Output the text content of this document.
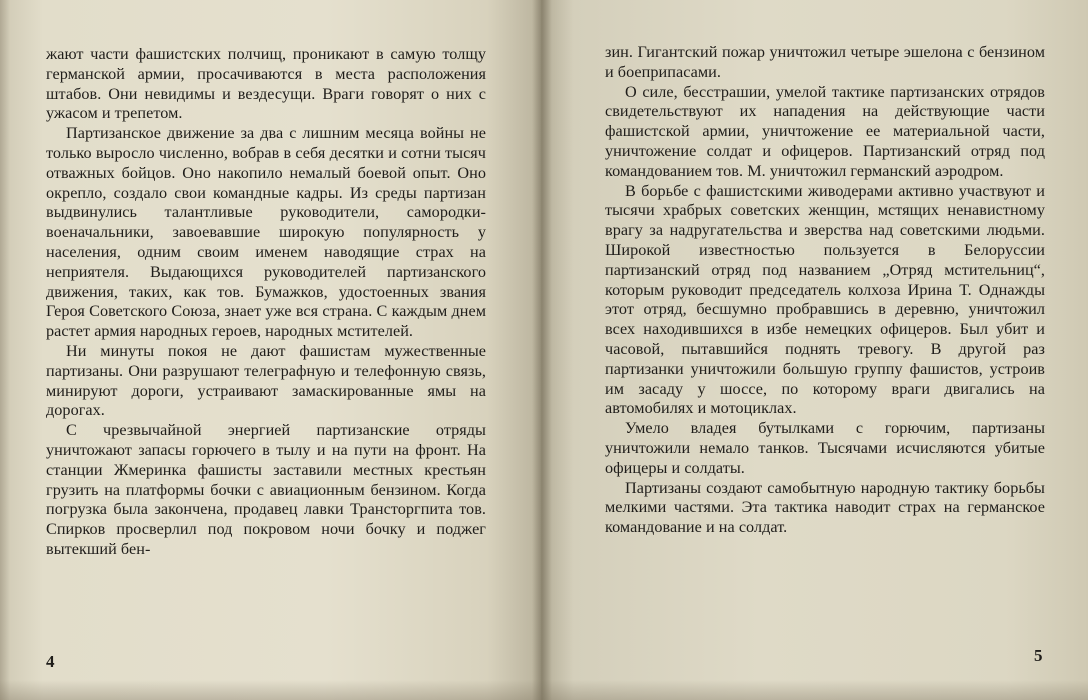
жают части фашистских полчищ, проникают в самую толщу германской армии, просачиваются в места расположения штабов. Они невидимы и вездесущи. Враги говорят о них с ужасом и трепетом.

Партизанское движение за два с лишним месяца войны не только выросло численно, вобрав в себя десятки и сотни тысяч отважных бойцов. Оно накопило немалый боевой опыт. Оно окрепло, создало свои командные кадры. Из среды партизан выдвинулись талантливые руководители, самородки-военачальники, завоевавшие широкую популярность у населения, одним своим именем наводящие страх на неприятеля. Выдающихся руководителей партизанского движения, таких, как тов. Бумажков, удостоенных звания Героя Советского Союза, знает уже вся страна. С каждым днем растет армия народных героев, народных мстителей.

Ни минуты покоя не дают фашистам мужественные партизаны. Они разрушают телеграфную и телефонную связь, минируют дороги, устраивают замаскированные ямы на дорогах.

С чрезвычайной энергией партизанские отряды уничтожают запасы горючего в тылу и на пути на фронт. На станции Жмеринка фашисты заставили местных крестьян грузить на платформы бочки с авиационным бензином. Когда погрузка была закончена, продавец лавки Трансторгпита тов. Спирков просверлил под покровом ночи бочку и поджег вытекший бен-

зин. Гигантский пожар уничтожил четыре эшелона с бензином и боеприпасами.

О силе, бесстрашии, умелой тактике партизанских отрядов свидетельствуют их нападения на действующие части фашистской армии, уничтожение ее материальной части, уничтожение солдат и офицеров. Партизанский отряд под командованием тов. М. уничтожил германский аэродром.

В борьбе с фашистскими живодерами активно участвуют и тысячи храбрых советских женщин, мстящих ненавистному врагу за надругательства и зверства над советскими людьми. Широкой известностью пользуется в Белоруссии партизанский отряд под названием „Отряд мстительниц“, которым руководит председатель колхоза Ирина Т. Однажды этот отряд, бесшумно пробравшись в деревню, уничтожил всех находившихся в избе немецких офицеров. Был убит и часовой, пытавшийся поднять тревогу. В другой раз партизанки уничтожили большую группу фашистов, устроив им засаду у шоссе, по которому враги двигались на автомобилях и мотоциклах.

Умело владея бутылками с горючим, партизаны уничтожили немало танков. Тысячами исчисляются убитые офицеры и солдаты.

Партизаны создают самобытную народную тактику борьбы мелкими частями. Эта тактика наводит страх на германское командование и на солдат.

4	5
